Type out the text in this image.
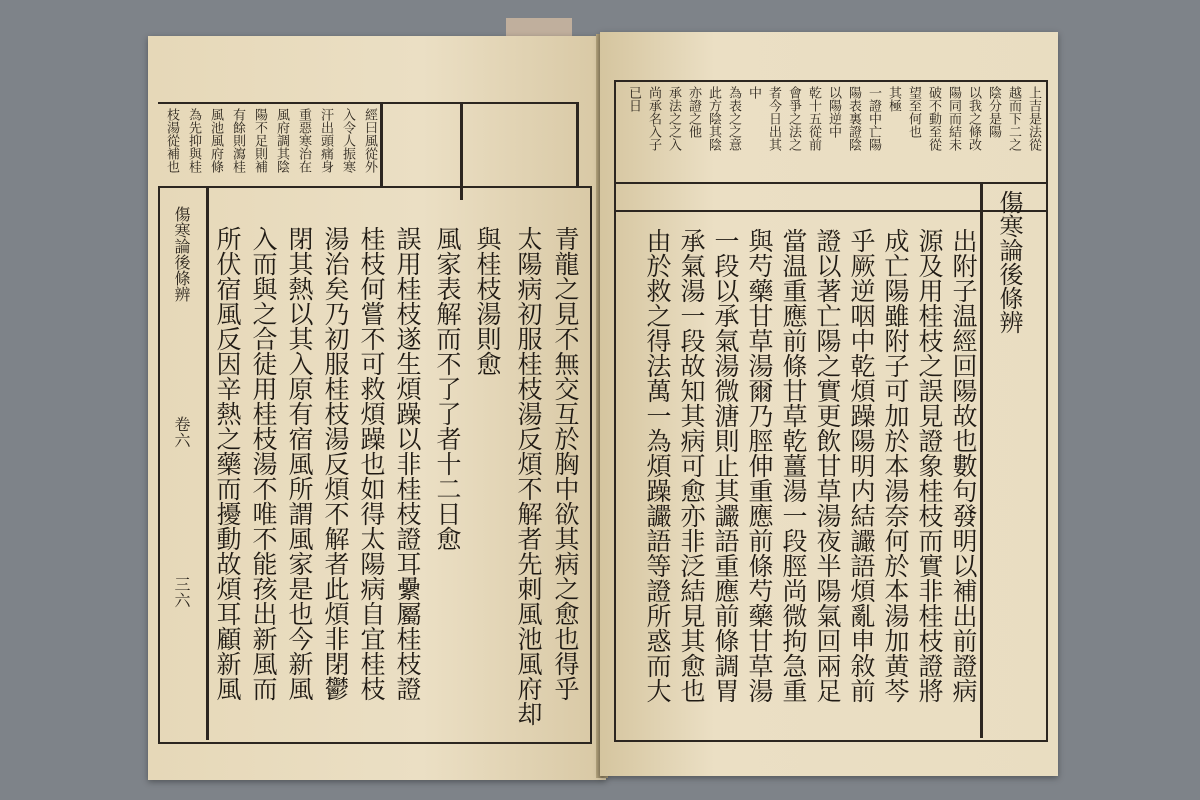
枝湯從補也 為先抑與桂 風池風府條 有餘則瀉桂 陽不足則補 風府調其陰 重惡寒治在 汗出頭痛身 入令人振寒 經曰風從外
傷寒論後條辨
卷六
三六	青龍之見不無交互於胸中欲其病之愈也得乎
太陽病初服桂枝湯反煩不解者先刺風池風府却
與桂枝湯則愈
風家表解而不了了者十二日愈
誤用桂枝遂生煩躁以非桂枝證耳纍屬桂枝證
桂枝何嘗不可救煩躁也如得太陽病自宜桂枝
湯治矣乃初服桂枝湯反煩不解者此煩非閉鬱
閉其熱以其入原有宿風所謂風家是也今新風
入而與之合徒用桂枝湯不唯不能孩出新風而
所伏宿風反因辛熱之藥而擾動故煩耳顧新風
上吉是法從
越而下二之
陰分是陽
以我之條改
陽同而結未
破不動至從
望至何也
其極
一證中亡陽
陽表裏證陰
以陽逆中
乾十五從前
會爭之法之
者今日出其
中
為表之之意
此方陰其陰
亦證之他
承法之之入
尚承名入子
已日
傷寒論後條辨
出附子温經回陽故也數句發明以補出前證病
源及用桂枝之誤見證象桂枝而實非桂枝證將
成亡陽雖附子可加於本湯奈何於本湯加黄芩
乎厥逆咽中乾煩躁陽明内結讝語煩亂申敘前
證以著亡陽之實更飲甘草湯夜半陽氣回兩足
當温重應前條甘草乾薑湯一段脛尚微拘急重
與芍藥甘草湯爾乃脛伸重應前條芍藥甘草湯
一段以承氣湯微溏則止其讝語重應前條調胃
承氣湯一段故知其病可愈亦非泛結見其愈也
由於救之得法萬一為煩躁讝語等證所惑而大
